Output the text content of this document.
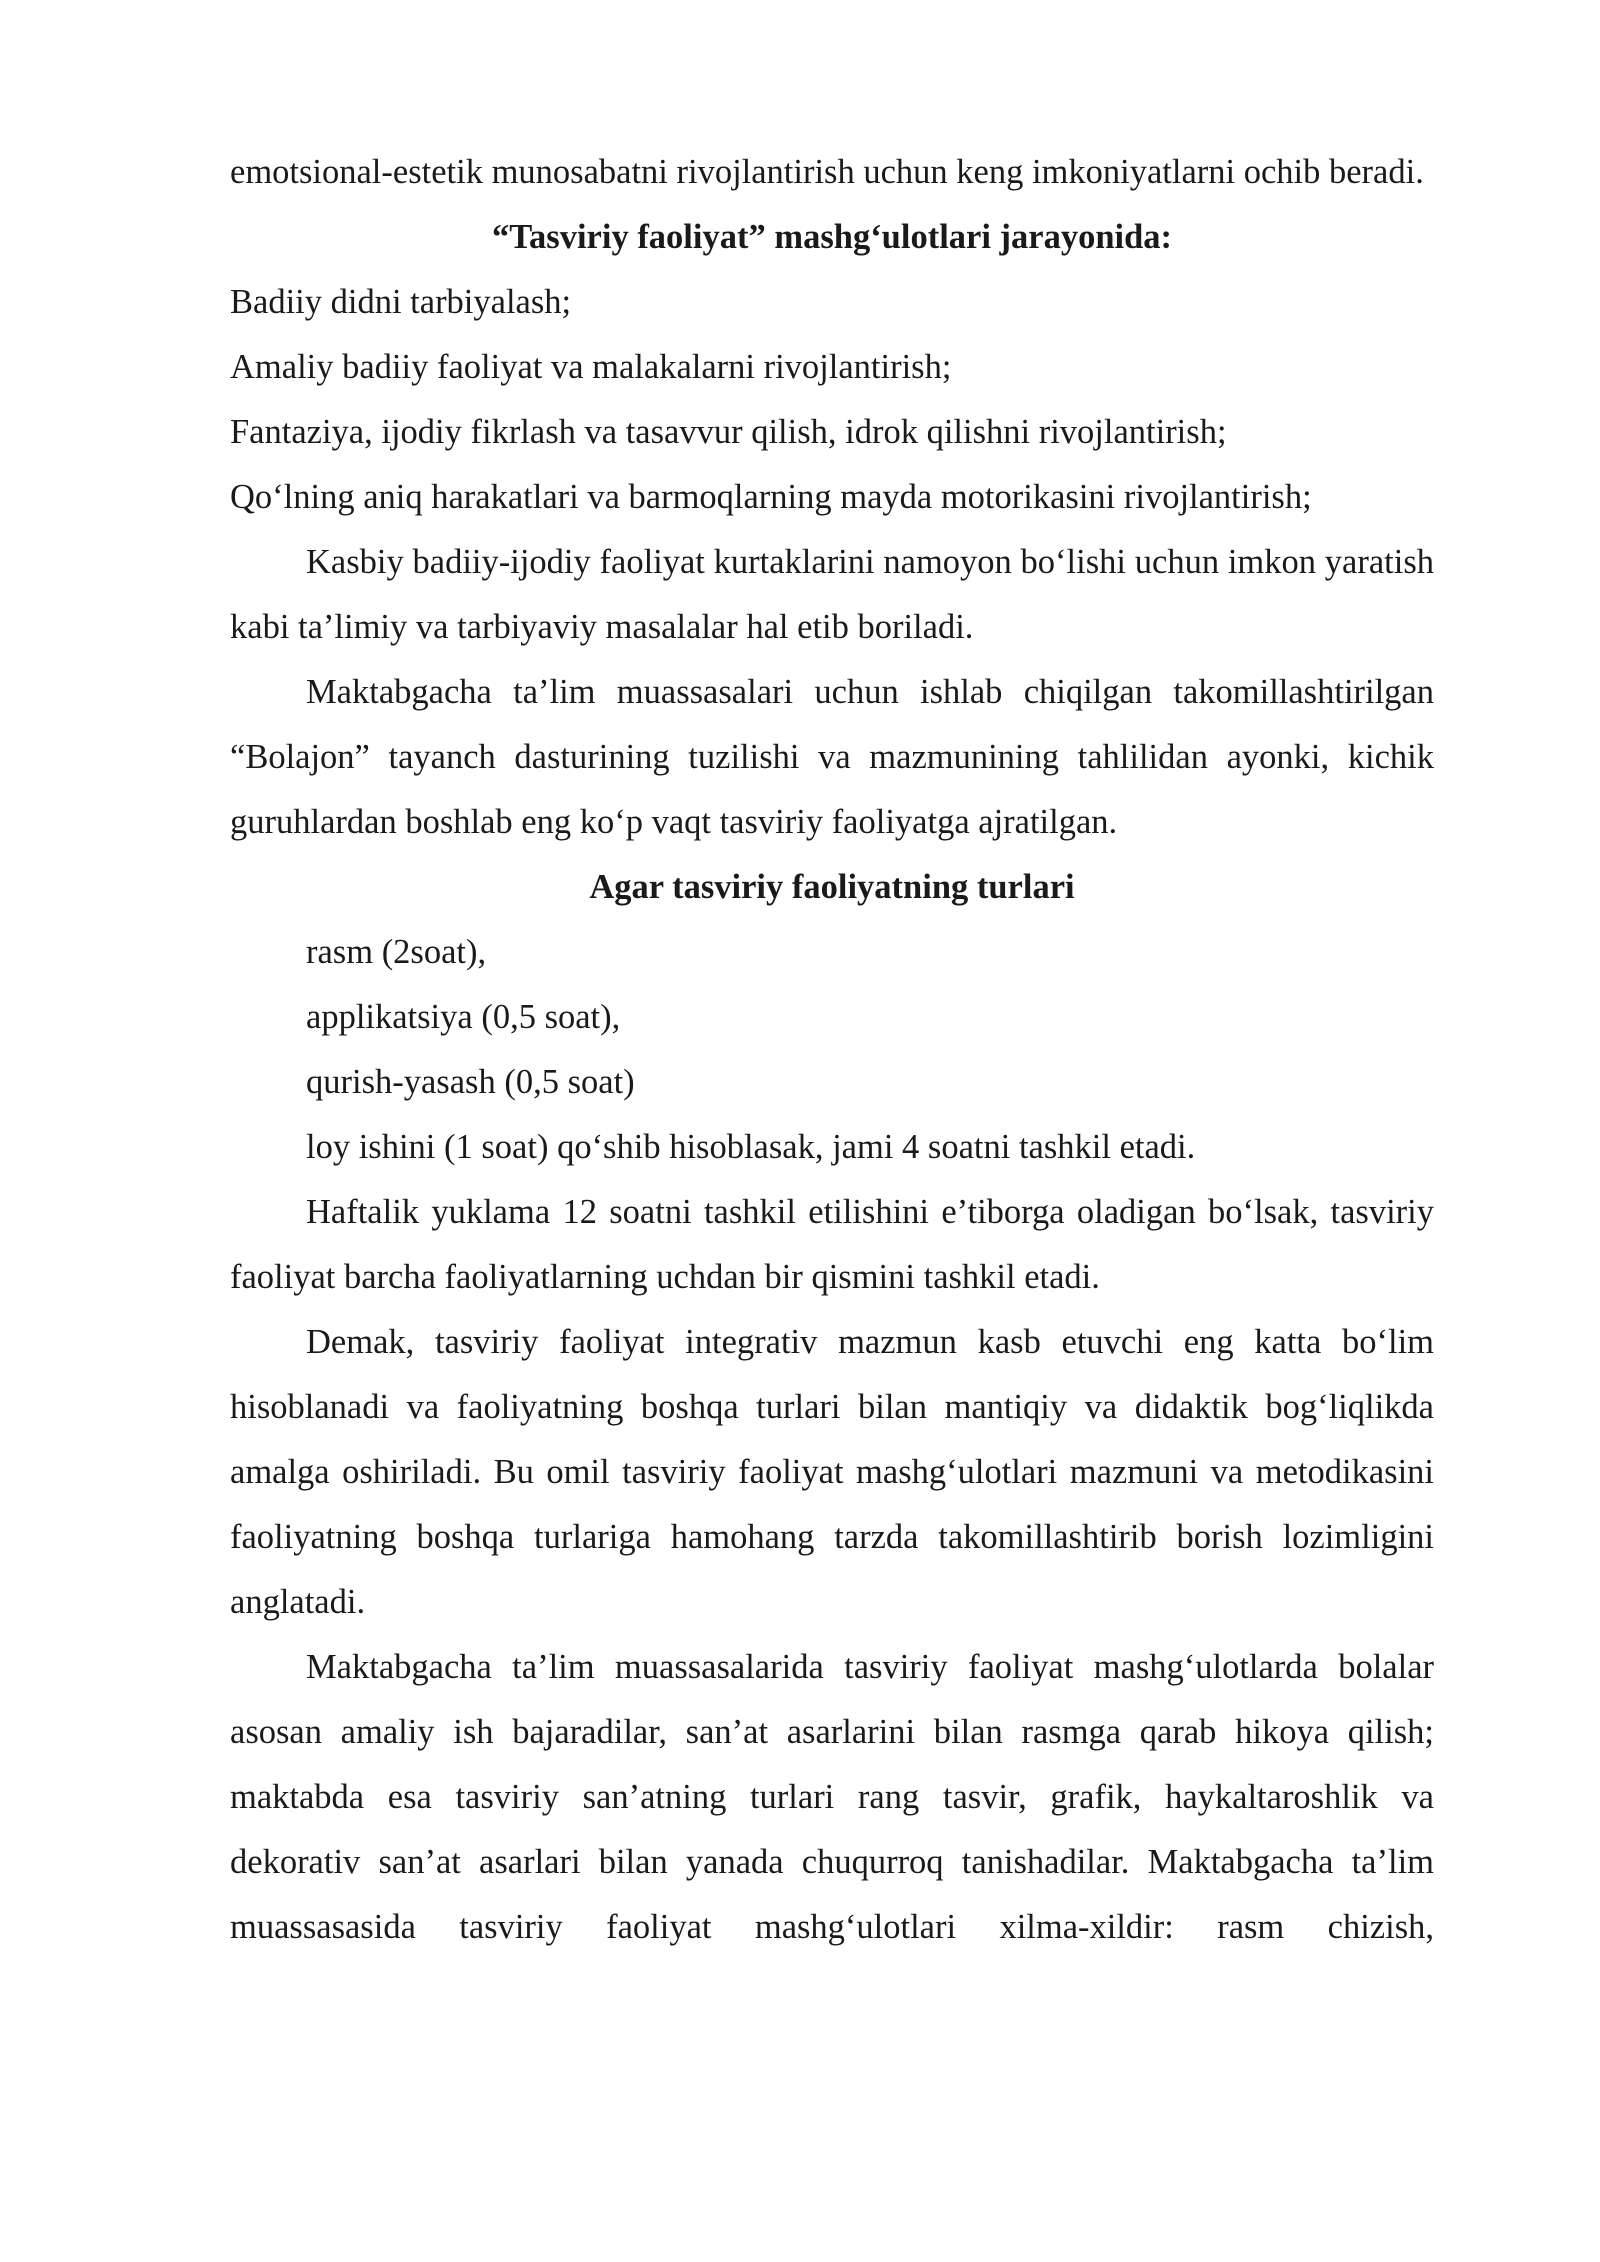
emotsional-estetik munosabatni rivojlantirish uchun keng imkoniyatlarni ochib beradi.

“Tasviriy faoliyat” mashg‘ulotlari jarayonida:

Badiiy didni tarbiyalash;

Amaliy badiiy faoliyat va malakalarni rivojlantirish;

Fantaziya, ijodiy fikrlash va tasavvur qilish, idrok qilishni rivojlantirish;

Qo‘lning aniq harakatlari va barmoqlarning mayda motorikasini rivojlantirish;

Kasbiy badiiy-ijodiy faoliyat kurtaklarini namoyon bo‘lishi uchun imkon yaratish kabi ta’limiy va tarbiyaviy masalalar hal etib boriladi.

Maktabgacha ta’lim muassasalari uchun ishlab chiqilgan takomillashtirilgan “Bolajon” tayanch dasturining tuzilishi va mazmunining tahlilidan ayonki, kichik guruhlardan boshlab eng ko‘p vaqt tasviriy faoliyatga ajratilgan.

Agar tasviriy faoliyatning turlari

rasm (2soat),

applikatsiya (0,5 soat),

qurish-yasash (0,5 soat)

loy ishini (1 soat) qo‘shib hisoblasak, jami 4 soatni tashkil etadi.

Haftalik yuklama 12 soatni tashkil etilishini e’tiborga oladigan bo‘lsak, tasviriy faoliyat barcha faoliyatlarning uchdan bir qismini tashkil etadi.

Demak, tasviriy faoliyat integrativ mazmun kasb etuvchi eng katta bo‘lim hisoblanadi va faoliyatning boshqa turlari bilan mantiqiy va didaktik bog‘liqlikda amalga oshiriladi. Bu omil tasviriy faoliyat mashg‘ulotlari mazmuni va metodikasini faoliyatning boshqa turlariga hamohang tarzda takomillashtirib borish lozimligini anglatadi.

Maktabgacha ta’lim muassasalarida tasviriy faoliyat mashg‘ulotlarda bolalar asosan amaliy ish bajaradilar, san’at asarlarini bilan rasmga qarab hikoya qilish; maktabda esa tasviriy san’atning turlari rang tasvir, grafik, haykaltaroshlik va dekorativ san’at asarlari bilan yanada chuqurroq tanishadilar. Maktabgacha ta’lim muassasasida tasviriy faoliyat mashg‘ulotlari xilma-xildir: rasm chizish,
